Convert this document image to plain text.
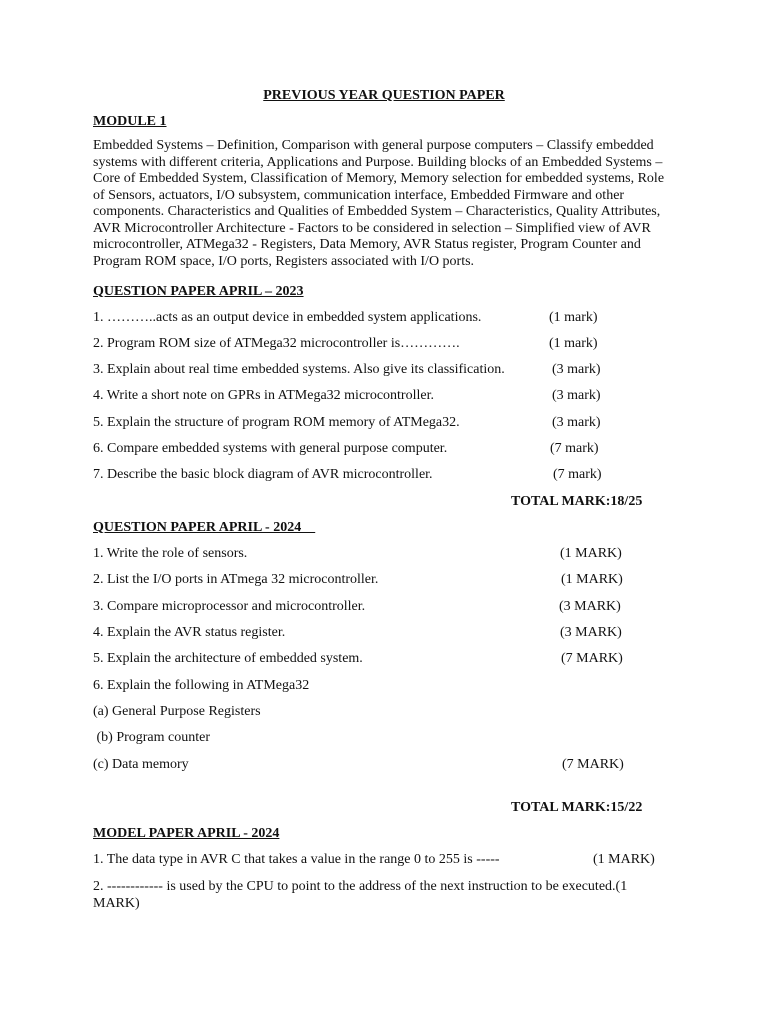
PREVIOUS YEAR QUESTION PAPER
MODULE 1
Embedded Systems – Definition, Comparison with general purpose computers – Classify embedded systems with different criteria, Applications and Purpose. Building blocks of an Embedded Systems – Core of Embedded System, Classification of Memory, Memory selection for embedded systems, Role of Sensors, actuators, I/O subsystem, communication interface, Embedded Firmware and other components. Characteristics and Qualities of Embedded System – Characteristics, Quality Attributes, AVR Microcontroller Architecture - Factors to be considered in selection – Simplified view of AVR microcontroller, ATMega32 - Registers, Data Memory, AVR Status register, Program Counter and Program ROM space, I/O ports, Registers associated with I/O ports.
QUESTION PAPER APRIL – 2023
1. ………..acts as an output device in embedded system applications.	(1 mark)
2. Program ROM size of ATMega32 microcontroller is………….	(1 mark)
3. Explain about real time embedded systems. Also give its classification.	(3 mark)
4. Write a short note on GPRs in ATMega32 microcontroller.	(3 mark)
5. Explain the structure of program ROM memory of ATMega32.	(3 mark)
6. Compare embedded systems with general purpose computer.	(7 mark)
7. Describe the basic block diagram of AVR microcontroller.	(7 mark)
TOTAL MARK:18/25
QUESTION PAPER APRIL - 2024
1. Write the role of sensors.	(1 MARK)
2. List the I/O ports in ATmega 32 microcontroller.	(1 MARK)
3. Compare microprocessor and microcontroller.	(3 MARK)
4. Explain the AVR status register.	(3 MARK)
5. Explain the architecture of embedded system.	(7 MARK)
6. Explain the following in ATMega32
(a) General Purpose Registers
(b) Program counter
(c) Data memory	(7 MARK)
TOTAL MARK:15/22
MODEL PAPER APRIL - 2024
1. The data type in AVR C that takes a value in the range 0 to 255 is -----	(1 MARK)
2. ------------ is used by the CPU to point to the address of the next instruction to be executed.(1 MARK)
